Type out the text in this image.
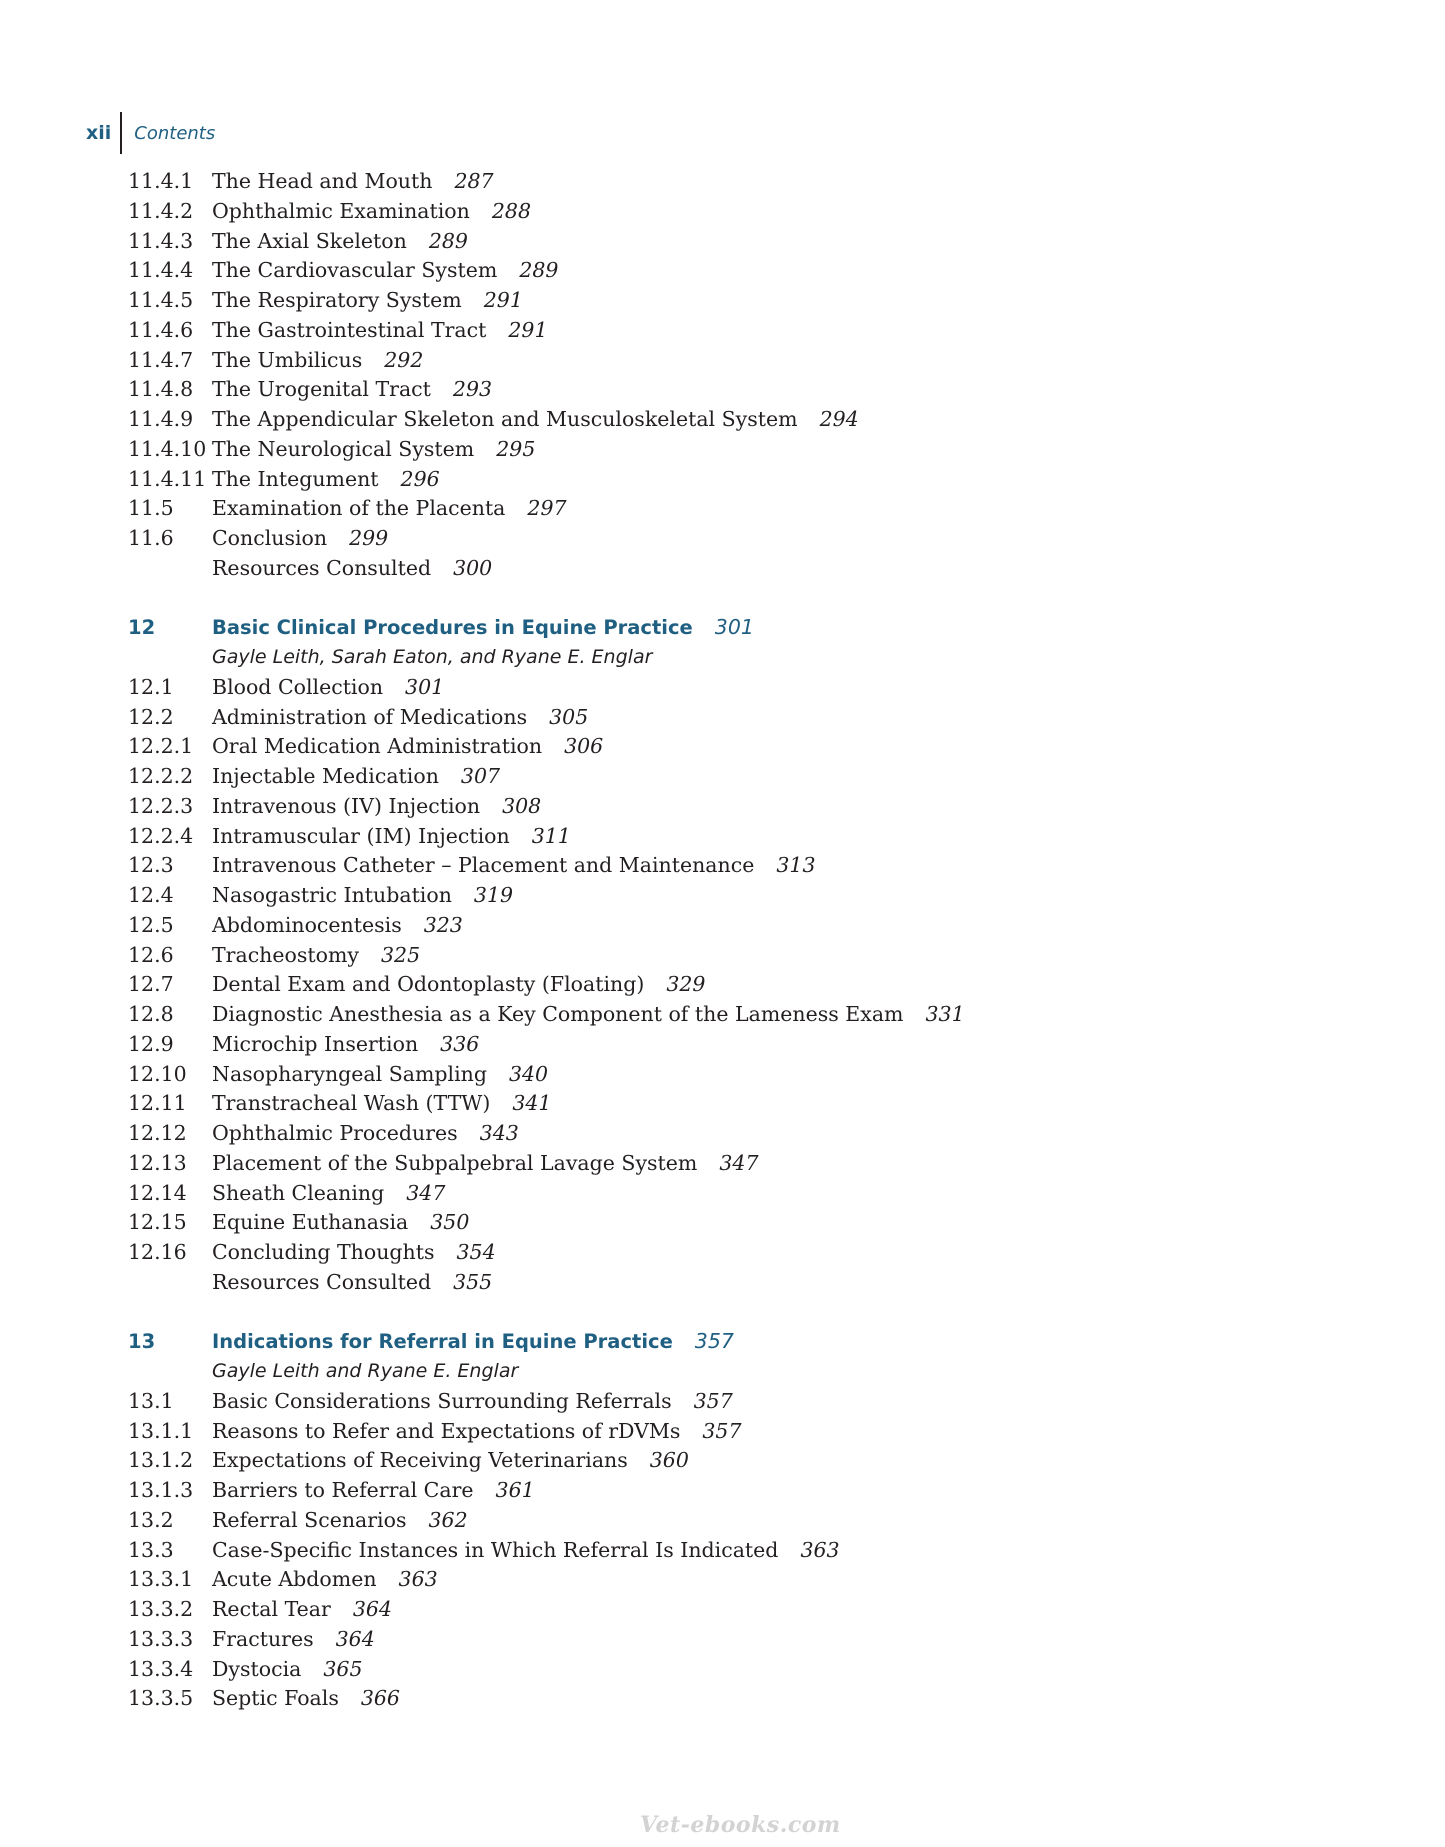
xii	Contents
11.4.1 The Head and Mouth 287
11.4.2 Ophthalmic Examination 288
11.4.3 The Axial Skeleton 289
11.4.4 The Cardiovascular System 289
11.4.5 The Respiratory System 291
11.4.6 The Gastrointestinal Tract 291
11.4.7 The Umbilicus 292
11.4.8 The Urogenital Tract 293
11.4.9 The Appendicular Skeleton and Musculoskeletal System 294
11.4.10 The Neurological System 295
11.4.11 The Integument 296
11.5	Examination of the Placenta 297
11.6	Conclusion 299
Resources Consulted 300
12	Basic Clinical Procedures in Equine Practice 301
Gayle Leith, Sarah Eaton, and Ryane E. Englar
12.1	Blood Collection 301
12.2	Administration of Medications 305
12.2.1 Oral Medication Administration 306
12.2.2 Injectable Medication 307
12.2.3 Intravenous (IV) Injection 308
12.2.4 Intramuscular (IM) Injection 311
12.3	Intravenous Catheter – Placement and Maintenance 313
12.4	Nasogastric Intubation 319
12.5	Abdominocentesis 323
12.6	Tracheostomy 325
12.7	Dental Exam and Odontoplasty (Floating) 329
12.8	Diagnostic Anesthesia as a Key Component of the Lameness Exam 331
12.9	Microchip Insertion 336
12.10	Nasopharyngeal Sampling 340
12.11	Transtracheal Wash (TTW) 341
12.12	Ophthalmic Procedures 343
12.13	Placement of the Subpalpebral Lavage System 347
12.14	Sheath Cleaning 347
12.15	Equine Euthanasia 350
12.16	Concluding Thoughts 354
Resources Consulted 355
13	Indications for Referral in Equine Practice 357
Gayle Leith and Ryane E. Englar
13.1	Basic Considerations Surrounding Referrals 357
13.1.1 Reasons to Refer and Expectations of rDVMs 357
13.1.2 Expectations of Receiving Veterinarians 360
13.1.3 Barriers to Referral Care 361
13.2	Referral Scenarios 362
13.3	Case-Specific Instances in Which Referral Is Indicated 363
13.3.1 Acute Abdomen 363
13.3.2 Rectal Tear 364
13.3.3 Fractures 364
13.3.4 Dystocia 365
13.3.5 Septic Foals 366
Vet-ebooks.com
